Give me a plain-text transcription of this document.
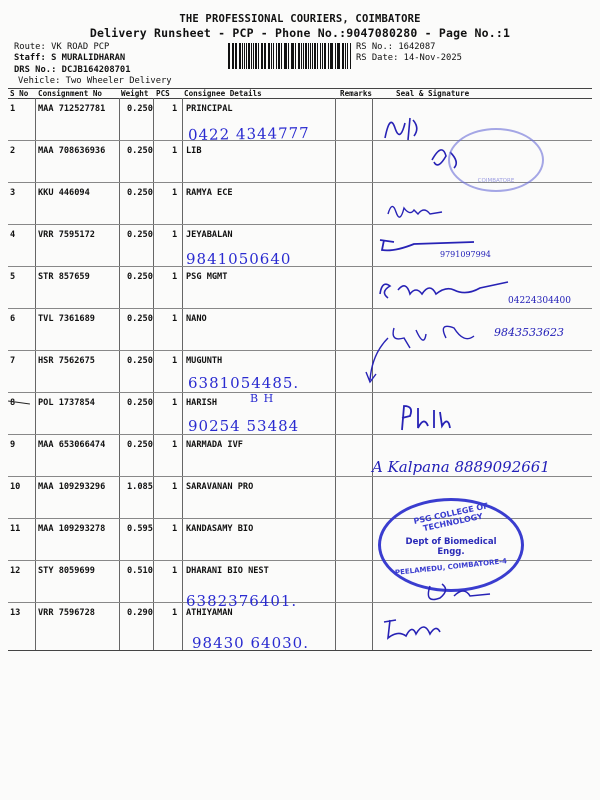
THE PROFESSIONAL COURIERS, COIMBATORE
Delivery Runsheet - PCP - Phone No.:9047080280 - Page No.:1
Route: VK ROAD PCP
Staff: S MURALIDHARAN
DRS No.: DCJB164208701
Vehicle: Two Wheeler Delivery
RS No.: 1642087
RS Date: 14-Nov-2025
S No Consignment No Weight PCS Consignee Details	Remarks	Seal & Signature
1	MAA 712527781	0.250 1 PRINCIPAL
2	MAA 708636936	0.250 1 LIB
3	KKU 446094	0.250 1 RAMYA ECE
4	VRR 7595172	0.250 1 JEYABALAN
5	STR 857659	0.250 1 PSG MGMT
6	TVL 7361689	0.250 1 NANO
7	HSR 7562675	0.250 1 MUGUNTH
8	POL 1737854	0.250 1 HARISH
9	MAA 653066474	0.250 1 NARMADA IVF
10 MAA 109293296	1.085 1 SARAVANAN PRO
11 MAA 109293278	0.595 1 KANDASAMY BIO
12 STY 8059699	0.510 1 DHARANI BIO NEST
13 VRR 7596728	0.290 1 ATHIYAMAN
0422 4344777
9841050640
6381054485.
B H
90254 53484
6382376401.
98430 64030.
COIMBATORE
9791097994
04224304400
9843533623
A Kalpana 8889092661
PSG COLLEGE OF TECHNOLOGY
Dept of Biomedical Engg.
PEELAMEDU, COIMBATORE-4
